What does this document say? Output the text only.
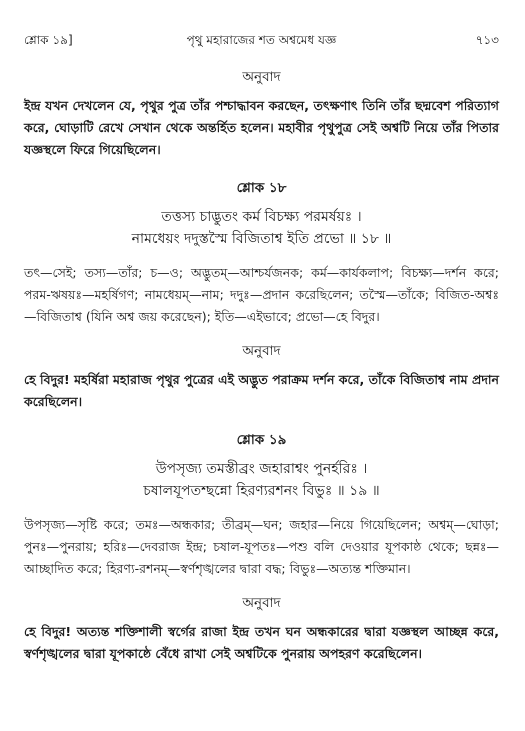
শ্লোক ১৯]	পৃথু মহারাজের শত অশ্বমেধ যজ্ঞ	৭১৩

অনুবাদ

ইন্দ্র যখন দেখলেন যে, পৃথুর পুত্র তাঁর পশ্চাদ্ধাবন করছেন, তৎক্ষণাৎ তিনি তাঁর ছদ্মবেশ পরিত্যাগ করে, ঘোড়াটি রেখে সেখান থেকে অন্তর্হিত হলেন। মহাবীর পৃথুপুত্র সেই অশ্বটি নিয়ে তাঁর পিতার যজ্ঞস্থলে ফিরে গিয়েছিলেন।

শ্লোক ১৮

তত্তস্য চাদ্ভুতং কর্ম বিচক্ষ্য পরমর্ষয়ঃ ।

নামধেয়ং দদুস্তস্মৈ বিজিতাশ্ব ইতি প্রভো ॥ ১৮ ॥

তৎ—সেই; তস্য—তাঁর; চ—ও; অদ্ভুতম্—আশ্চর্যজনক; কর্ম—কার্যকলাপ; বিচক্ষ্য—দর্শন করে; পরম-ঋষয়ঃ—মহর্ষিগণ; নামধেয়ম্—নাম; দদুঃ—প্রদান করেছিলেন; তস্মৈ—তাঁকে; বিজিত-অশ্বঃ—বিজিতাশ্ব (যিনি অশ্ব জয় করেছেন); ইতি—এইভাবে; প্রভো—হে বিদুর।

অনুবাদ

হে বিদুর! মহর্ষিরা মহারাজ পৃথুর পুত্রের এই অদ্ভুত পরাক্রম দর্শন করে, তাঁকে বিজিতাশ্ব নাম প্রদান করেছিলেন।

শ্লোক ১৯

উপসৃজ্য তমস্তীব্রং জহারাশ্বং পুনর্হরিঃ ।

চষালযূপতশ্ছন্নো হিরণ্যরশনং বিভুঃ ॥ ১৯ ॥

উপসৃজ্য—সৃষ্টি করে; তমঃ—অন্ধকার; তীব্রম্—ঘন; জহার—নিয়ে গিয়েছিলেন; অশ্বম্—ঘোড়া; পুনঃ—পুনরায়; হরিঃ—দেবরাজ ইন্দ্র; চষাল-যূপতঃ—পশু বলি দেওয়ার যূপকাষ্ঠ থেকে; ছন্নঃ—আচ্ছাদিত করে; হিরণ্য-রশনম্—স্বর্ণশৃঙ্খলের দ্বারা বদ্ধ; বিভুঃ—অত্যন্ত শক্তিমান।

অনুবাদ

হে বিদুর! অত্যন্ত শক্তিশালী স্বর্গের রাজা ইন্দ্র তখন ঘন অন্ধকারের দ্বারা যজ্ঞস্থল আচ্ছন্ন করে, স্বর্ণশৃঙ্খলের দ্বারা যূপকাষ্ঠে বেঁধে রাখা সেই অশ্বটিকে পুনরায় অপহরণ করেছিলেন।
